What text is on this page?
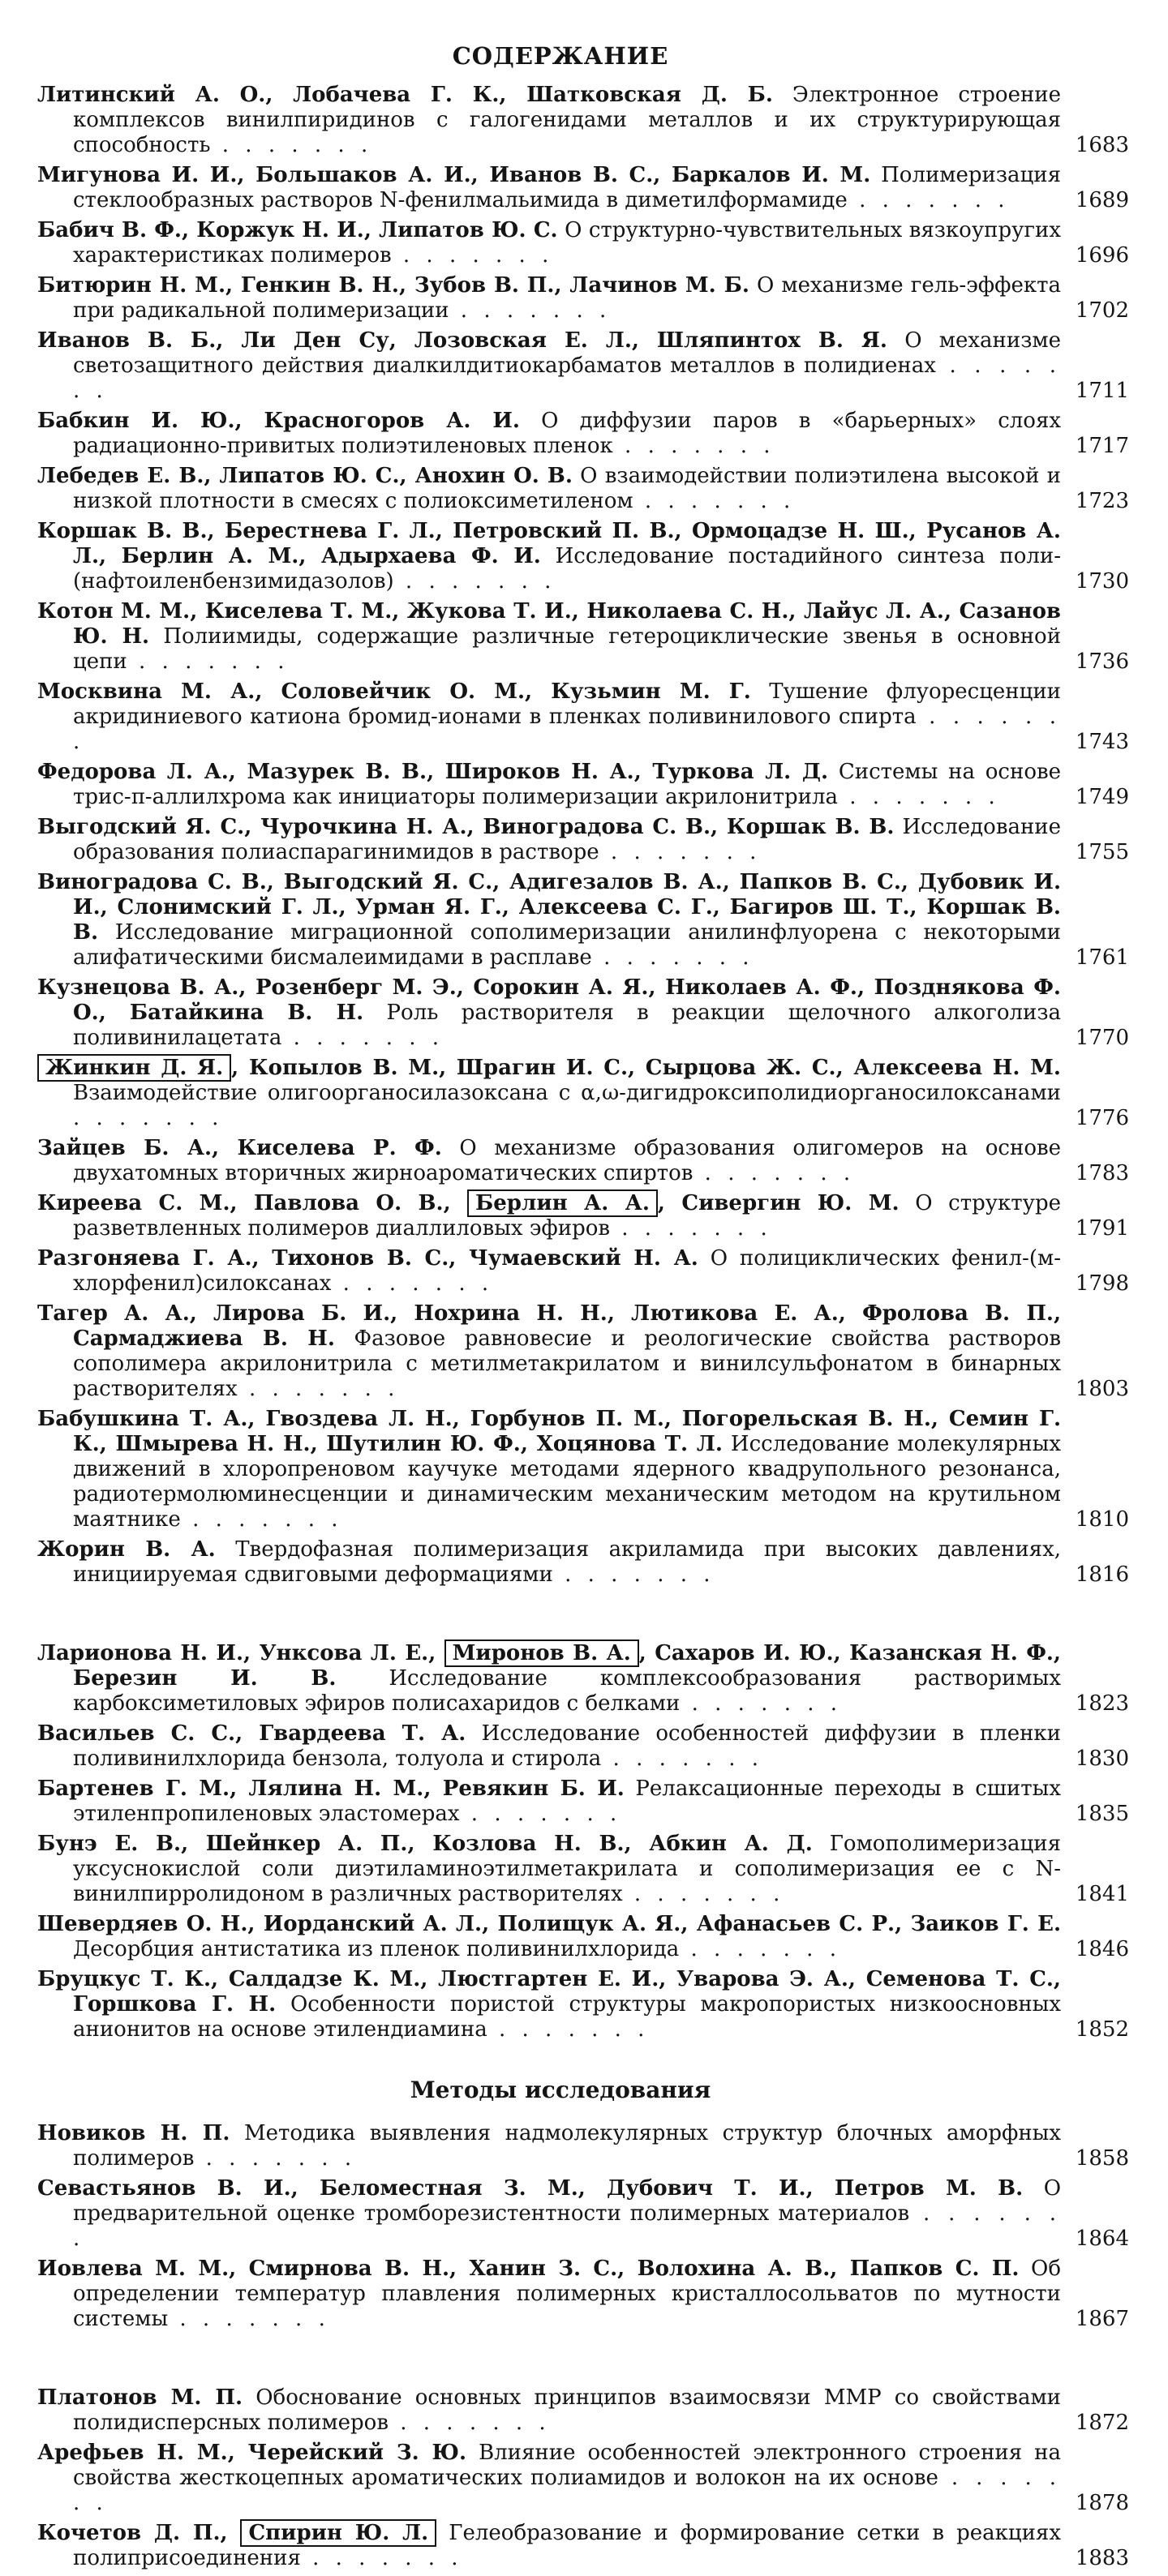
СОДЕРЖАНИЕ
Литинский А. О., Лобачева Г. К., Шатковская Д. Б. Электронное строение комплексов винилпиридинов с галогенидами металлов и их структурирующая способность . . . . . . .	1683
Мигунова И. И., Большаков А. И., Иванов В. С., Баркалов И. М. Полимеризация стеклообразных растворов N-фенилмальимида в диметилформамиде . . . . . . .	1689
Бабич В. Ф., Коржук Н. И., Липатов Ю. С. О структурно-чувствительных вязкоупругих характеристиках полимеров . . . . . . .	1696
Битюрин Н. М., Генкин В. Н., Зубов В. П., Лачинов М. Б. О механизме гель-эффекта при радикальной полимеризации . . . . . . .	1702
Иванов В. Б., Ли Ден Су, Лозовская Е. Л., Шляпинтох В. Я. О механизме светозащитного действия диалкилдитиокарбаматов металлов в полидиенах . . . . . . .	1711
Бабкин И. Ю., Красногоров А. И. О диффузии паров в «барьерных» слоях радиационно-привитых полиэтиленовых пленок . . . . . . .	1717
Лебедев Е. В., Липатов Ю. С., Анохин О. В. О взаимодействии полиэтилена высокой и низкой плотности в смесях с полиоксиметиленом . . . . . . .	1723
Коршак В. В., Берестнева Г. Л., Петровский П. В., Ормоцадзе Н. Ш., Русанов А. Л., Берлин А. М., Адырхаева Ф. И. Исследование постадийного синтеза поли-(нафтоиленбензимидазолов) . . . . . . .	1730
Котон М. М., Киселева Т. М., Жукова Т. И., Николаева С. Н., Лайус Л. А., Сазанов Ю. Н. Полиимиды, содержащие различные гетероциклические звенья в основной цепи . . . . . . .	1736
Москвина М. А., Соловейчик О. М., Кузьмин М. Г. Тушение флуоресценции акридиниевого катиона бромид-ионами в пленках поливинилового спирта . . . . . . .	1743
Федорова Л. А., Мазурек В. В., Широков Н. А., Туркова Л. Д. Системы на основе трис-π-аллилхрома как инициаторы полимеризации акрилонитрила . . . . . . .	1749
Выгодский Я. С., Чурочкина Н. А., Виноградова С. В., Коршак В. В. Исследование образования полиаспарагинимидов в растворе . . . . . . .	1755
Виноградова С. В., Выгодский Я. С., Адигезалов В. А., Папков В. С., Дубовик И. И., Слонимский Г. Л., Урман Я. Г., Алексеева С. Г., Багиров Ш. Т., Коршак В. В. Исследование миграционной сополимеризации анилинфлуорена с некоторыми алифатическими бисмалеимидами в расплаве . . . . . . .	1761
Кузнецова В. А., Розенберг М. Э., Сорокин А. Я., Николаев А. Ф., Позднякова Ф. О., Батайкина В. Н. Роль растворителя в реакции щелочного алкоголиза поливинилацетата . . . . . . .	1770
Жинкин Д. Я. , Копылов В. М., Шрагин И. С., Сырцова Ж. С., Алексеева Н. М. Взаимодействие олигоорганосилазоксана с α,ω-дигидроксиполидиорганосилоксанами . . . . . . .	1776
Зайцев Б. А., Киселева Р. Ф. О механизме образования олигомеров на основе двухатомных вторичных жирноароматических спиртов . . . . . . .	1783
Киреева С. М., Павлова О. В., Берлин А. А. , Сивергин Ю. М. О структуре разветвленных полимеров диаллиловых эфиров . . . . . . .	1791
Разгоняева Г. А., Тихонов В. С., Чумаевский Н. А. О полициклических фенил-(м-хлорфенил)силоксанах . . . . . . .	1798
Тагер А. А., Лирова Б. И., Нохрина Н. Н., Лютикова Е. А., Фролова В. П., Сармаджиева В. Н. Фазовое равновесие и реологические свойства растворов сополимера акрилонитрила с метилметакрилатом и винилсульфонатом в бинарных растворителях . . . . . . .	1803
Бабушкина Т. А., Гвоздева Л. Н., Горбунов П. М., Погорельская В. Н., Семин Г. К., Шмырева Н. Н., Шутилин Ю. Ф., Хоцянова Т. Л. Исследование молекулярных движений в хлоропреновом каучуке методами ядерного квадрупольного резонанса, радиотермолюминесценции и динамическим механическим методом на крутильном маятнике . . . . . . .	1810
Жорин В. А. Твердофазная полимеризация акриламида при высоких давлениях, инициируемая сдвиговыми деформациями . . . . . . .	1816
Ларионова Н. И., Унксова Л. Е., Миронов В. А. , Сахаров И. Ю., Казанская Н. Ф., Березин И. В. Исследование комплексообразования растворимых карбоксиметиловых эфиров полисахаридов с белками . . . . . . .	1823
Васильев С. С., Гвардеева Т. А. Исследование особенностей диффузии в пленки поливинилхлорида бензола, толуола и стирола . . . . . . .	1830
Бартенев Г. М., Лялина Н. М., Ревякин Б. И. Релаксационные переходы в сшитых этиленпропиленовых эластомерах . . . . . . .	1835
Бунэ Е. В., Шейнкер А. П., Козлова Н. В., Абкин А. Д. Гомополимеризация уксуснокислой соли диэтиламиноэтилметакрилата и сополимеризация ее с N-винилпирролидоном в различных растворителях . . . . . . .	1841
Шевердяев О. Н., Иорданский А. Л., Полищук А. Я., Афанасьев С. Р., Заиков Г. Е. Десорбция антистатика из пленок поливинилхлорида . . . . . . .	1846
Бруцкус Т. К., Салдадзе К. М., Люстгартен Е. И., Уварова Э. А., Семенова Т. С., Горшкова Г. Н. Особенности пористой структуры макропористых низкоосновных анионитов на основе этилендиамина . . . . . . .	1852
Методы исследования
Новиков Н. П. Методика выявления надмолекулярных структур блочных аморфных полимеров . . . . . . .	1858
Севастьянов В. И., Беломестная З. М., Дубович Т. И., Петров М. В. О предварительной оценке тромборезистентности полимерных материалов . . . . . . .	1864
Иовлева М. М., Смирнова В. Н., Ханин З. С., Волохина А. В., Папков С. П. Об определении температур плавления полимерных кристаллосольватов по мутности системы . . . . . . .	1867
Платонов М. П. Обоснование основных принципов взаимосвязи ММР со свойствами полидисперсных полимеров . . . . . . .	1872
Арефьев Н. М., Черейский З. Ю. Влияние особенностей электронного строения на свойства жесткоцепных ароматических полиамидов и волокон на их основе . . . . . . .	1878
Кочетов Д. П., Спирин Ю. Л. Гелеобразование и формирование сетки в реакциях полиприсоединения . . . . . . .	1883
